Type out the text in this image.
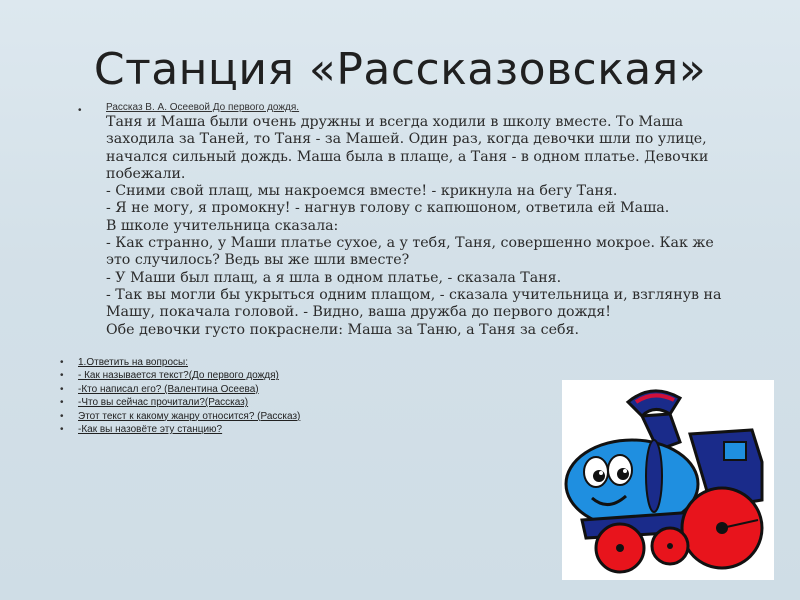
Станция «Рассказовская»
•	Рассказ В. А. Осеевой До первого дождя.

Таня и Маша были очень дружны и всегда ходили в школу вместе. То Маша
заходила за Таней, то Таня - за Машей. Один раз, когда девочки шли по улице,
начался сильный дождь. Маша была в плаще, а Таня - в одном платье. Девочки
побежали.
- Сними свой плащ, мы накроемся вместе! - крикнула на бегу Таня.
- Я не могу, я промокну! - нагнув голову с капюшоном, ответила ей Маша.
В школе учительница сказала:
- Как странно, у Маши платье сухое, а у тебя, Таня, совершенно мокрое. Как же
это случилось? Ведь вы же шли вместе?
- У Маши был плащ, а я шла в одном платье, - сказала Таня.
- Так вы могли бы укрыться одним плащом, - сказала учительница и, взглянув на
Машу, покачала головой. - Видно, ваша дружба до первого дождя!
Обе девочки густо покраснели: Маша за Таню, а Таня за себя.

• 1.Ответить на вопросы:
• - Как называется текст?(До первого дождя)
• -Кто написал его? (Валентина Осеева)
• -Что вы сейчас прочитали?(Рассказ)
• Этот текст к какому жанру относится? (Рассказ)
• -Как вы назовёте эту станцию?
